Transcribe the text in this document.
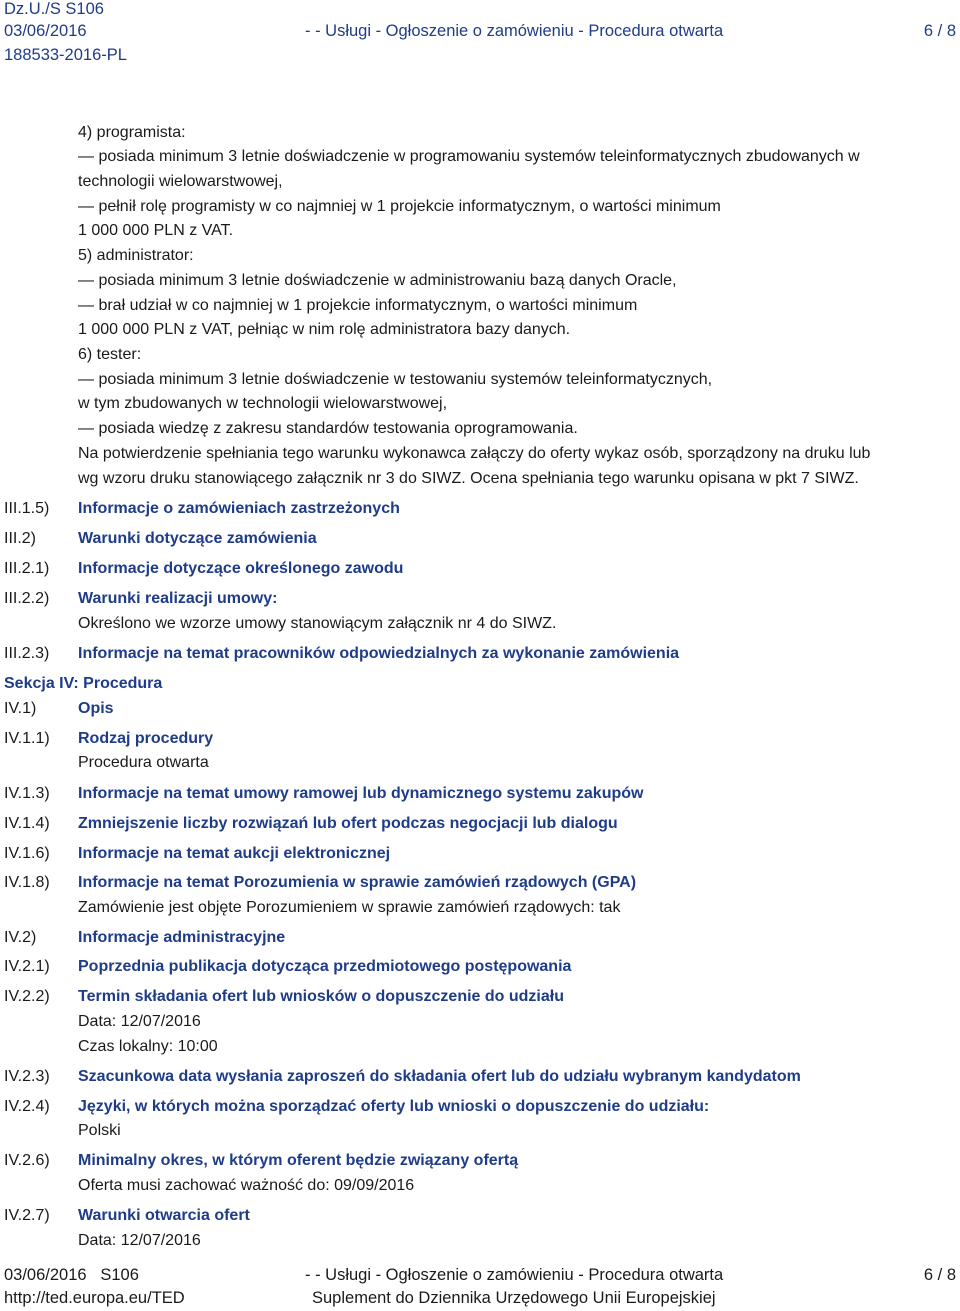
Dz.U./S S106
03/06/2016	- - Usługi - Ogłoszenie o zamówieniu - Procedura otwarta	6 / 8
188533-2016-PL
4) programista:
— posiada minimum 3 letnie doświadczenie w programowaniu systemów teleinformatycznych zbudowanych w
technologii wielowarstwowej,
— pełnił rolę programisty w co najmniej w 1 projekcie informatycznym, o wartości minimum
1 000 000 PLN z VAT.
5) administrator:
— posiada minimum 3 letnie doświadczenie w administrowaniu bazą danych Oracle,
— brał udział w co najmniej w 1 projekcie informatycznym, o wartości minimum
1 000 000 PLN z VAT, pełniąc w nim rolę administratora bazy danych.
6) tester:
— posiada minimum 3 letnie doświadczenie w testowaniu systemów teleinformatycznych,
w tym zbudowanych w technologii wielowarstwowej,
— posiada wiedzę z zakresu standardów testowania oprogramowania.
Na potwierdzenie spełniania tego warunku wykonawca załączy do oferty wykaz osób, sporządzony na druku lub
wg wzoru druku stanowiącego załącznik nr 3 do SIWZ. Ocena spełniania tego warunku opisana w pkt 7 SIWZ.
III.1.5) Informacje o zamówieniach zastrzeżonych
III.2)	Warunki dotyczące zamówienia
III.2.1) Informacje dotyczące określonego zawodu
III.2.2) Warunki realizacji umowy:
Określono we wzorze umowy stanowiącym załącznik nr 4 do SIWZ.
III.2.3) Informacje na temat pracowników odpowiedzialnych za wykonanie zamówienia
Sekcja IV: Procedura
IV.1)	Opis
IV.1.1) Rodzaj procedury
Procedura otwarta
IV.1.3) Informacje na temat umowy ramowej lub dynamicznego systemu zakupów
IV.1.4) Zmniejszenie liczby rozwiązań lub ofert podczas negocjacji lub dialogu
IV.1.6) Informacje na temat aukcji elektronicznej
IV.1.8) Informacje na temat Porozumienia w sprawie zamówień rządowych (GPA)
Zamówienie jest objęte Porozumieniem w sprawie zamówień rządowych: tak
IV.2)	Informacje administracyjne
IV.2.1) Poprzednia publikacja dotycząca przedmiotowego postępowania
IV.2.2) Termin składania ofert lub wniosków o dopuszczenie do udziału
Data: 12/07/2016
Czas lokalny: 10:00
IV.2.3) Szacunkowa data wysłania zaproszeń do składania ofert lub do udziału wybranym kandydatom
IV.2.4) Języki, w których można sporządzać oferty lub wnioski o dopuszczenie do udziału:
Polski
IV.2.6) Minimalny okres, w którym oferent będzie związany ofertą
Oferta musi zachować ważność do: 09/09/2016
IV.2.7) Warunki otwarcia ofert
Data: 12/07/2016
03/06/2016   S106	- - Usługi - Ogłoszenie o zamówieniu - Procedura otwarta	6 / 8
http://ted.europa.eu/TED	Suplement do Dziennika Urzędowego Unii Europejskiej
